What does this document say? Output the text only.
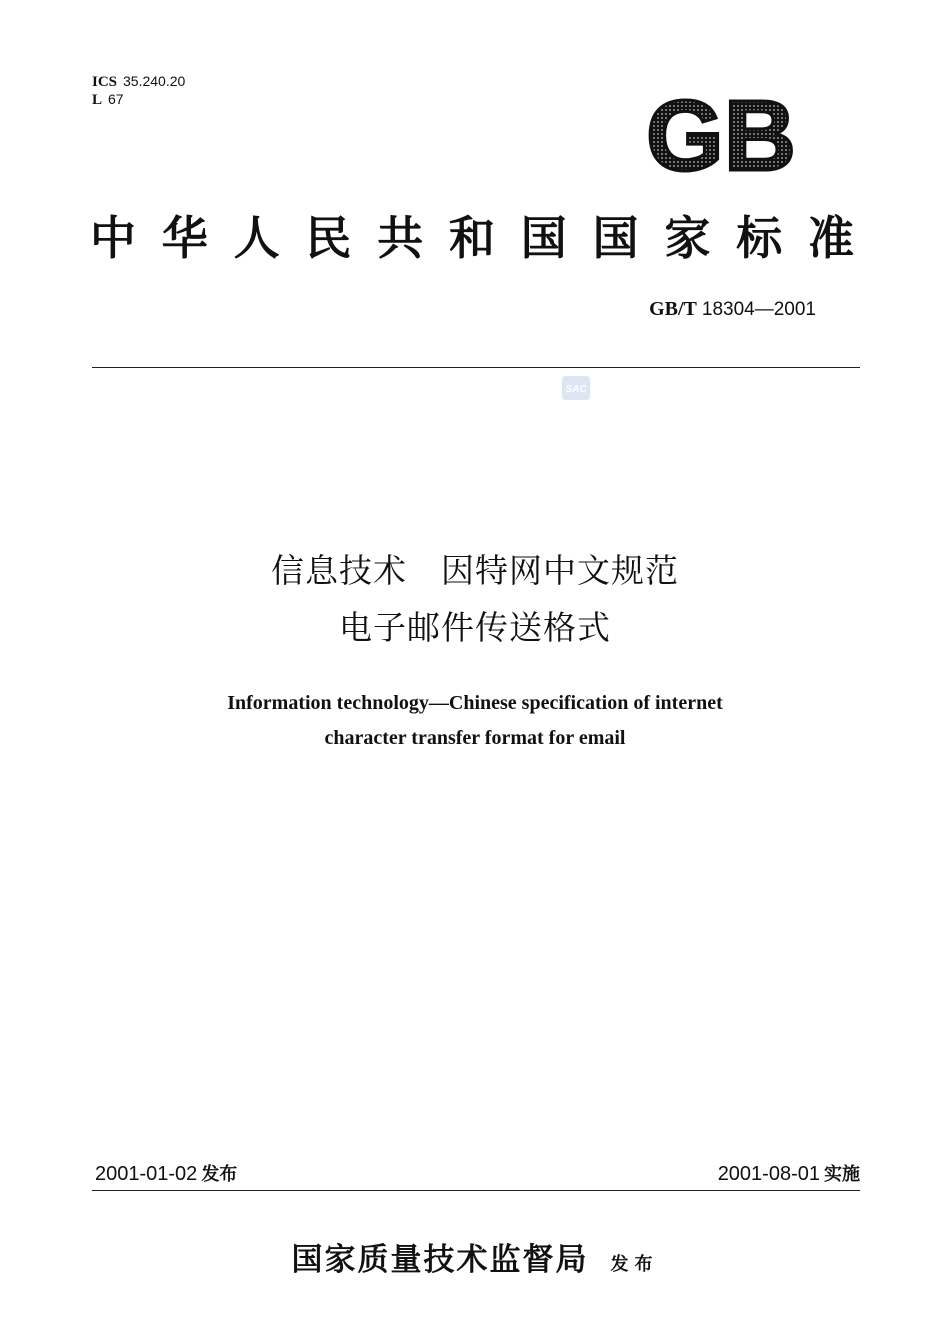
ICS 35.240.20
L 67	GB
中华人民共和国国家标准
GB/T 18304—2001
SAC
信息技术　因特网中文规范
电子邮件传送格式
Information technology—Chinese specification of internet
character transfer format for email
2001-01-02 发布	2001-08-01 实施
国家质量技术监督局 发布
